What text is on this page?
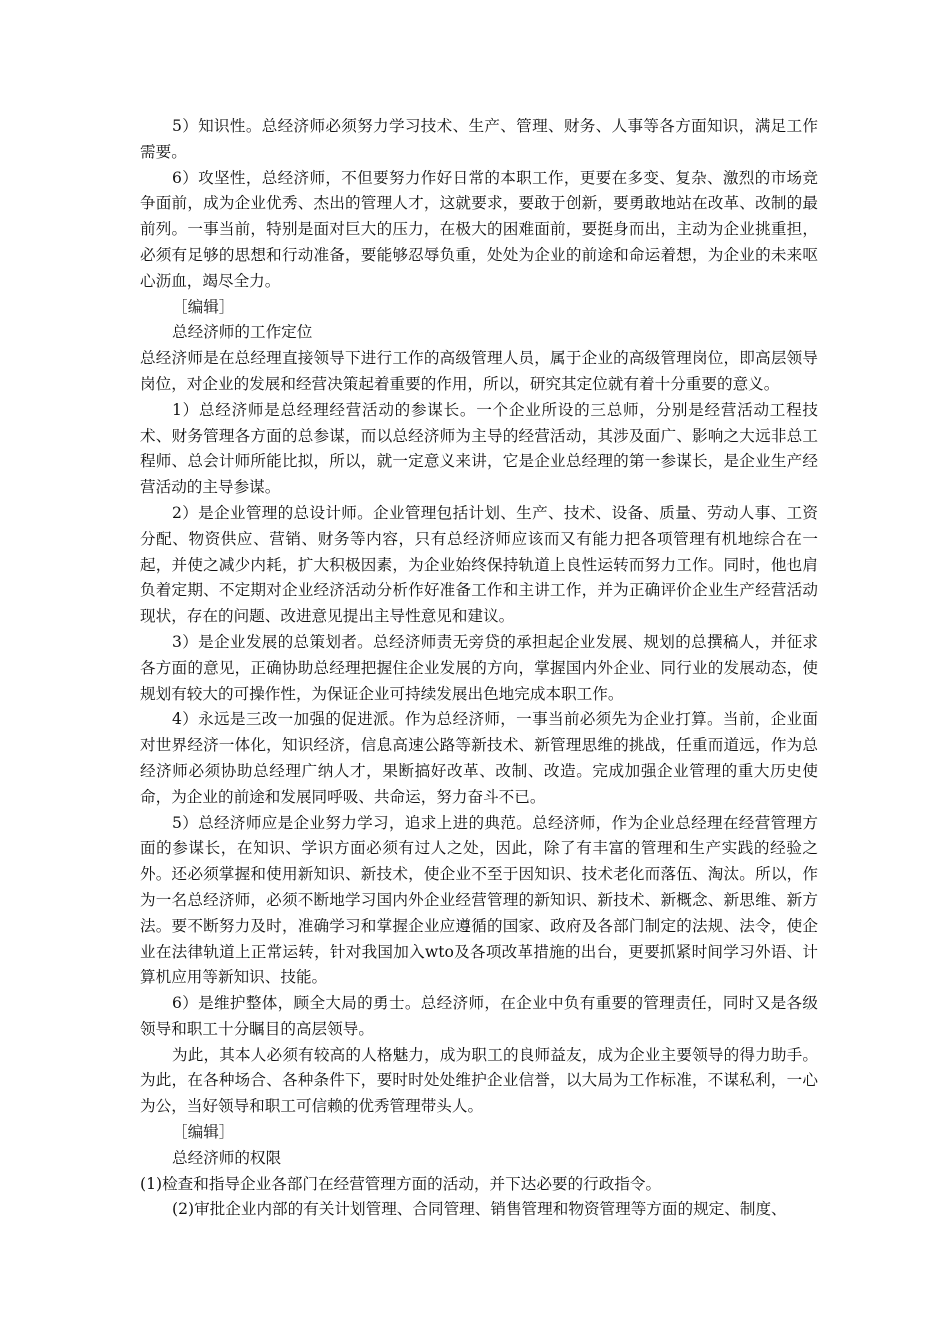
5）知识性。总经济师必须努力学习技术、生产、管理、财务、人事等各方面知识，满足工作需要。

6）攻坚性，总经济师，不但要努力作好日常的本职工作，更要在多变、复杂、激烈的市场竞争面前，成为企业优秀、杰出的管理人才，这就要求，要敢于创新，要勇敢地站在改革、改制的最前列。一事当前，特别是面对巨大的压力，在极大的困难面前，要挺身而出，主动为企业挑重担，必须有足够的思想和行动准备，要能够忍辱负重，处处为企业的前途和命运着想，为企业的未来呕心沥血，竭尽全力。

［编辑］

总经济师的工作定位

总经济师是在总经理直接领导下进行工作的高级管理人员，属于企业的高级管理岗位，即高层领导岗位，对企业的发展和经营决策起着重要的作用，所以，研究其定位就有着十分重要的意义。

1）总经济师是总经理经营活动的参谋长。一个企业所设的三总师，分别是经营活动工程技术、财务管理各方面的总参谋，而以总经济师为主导的经营活动，其涉及面广、影响之大远非总工程师、总会计师所能比拟，所以，就一定意义来讲，它是企业总经理的第一参谋长，是企业生产经营活动的主导参谋。

2）是企业管理的总设计师。企业管理包括计划、生产、技术、设备、质量、劳动人事、工资分配、物资供应、营销、财务等内容，只有总经济师应该而又有能力把各项管理有机地综合在一起，并使之减少内耗，扩大积极因素，为企业始终保持轨道上良性运转而努力工作。同时，他也肩负着定期、不定期对企业经济活动分析作好准备工作和主讲工作，并为正确评价企业生产经营活动现状，存在的问题、改进意见提出主导性意见和建议。

3）是企业发展的总策划者。总经济师责无旁贷的承担起企业发展、规划的总撰稿人，并征求各方面的意见，正确协助总经理把握住企业发展的方向，掌握国内外企业、同行业的发展动态，使规划有较大的可操作性，为保证企业可持续发展出色地完成本职工作。

4）永远是三改一加强的促进派。作为总经济师，一事当前必须先为企业打算。当前，企业面对世界经济一体化，知识经济，信息高速公路等新技术、新管理思维的挑战，任重而道远，作为总经济师必须协助总经理广纳人才，果断搞好改革、改制、改造。完成加强企业管理的重大历史使命，为企业的前途和发展同呼吸、共命运，努力奋斗不已。

5）总经济师应是企业努力学习，追求上进的典范。总经济师，作为企业总经理在经营管理方面的参谋长，在知识、学识方面必须有过人之处，因此，除了有丰富的管理和生产实践的经验之外。还必须掌握和使用新知识、新技术，使企业不至于因知识、技术老化而落伍、淘汰。所以，作为一名总经济师，必须不断地学习国内外企业经营管理的新知识、新技术、新概念、新思维、新方法。要不断努力及时，准确学习和掌握企业应遵循的国家、政府及各部门制定的法规、法令，使企业在法律轨道上正常运转，针对我国加入wto及各项改革措施的出台，更要抓紧时间学习外语、计算机应用等新知识、技能。

6）是维护整体，顾全大局的勇士。总经济师，在企业中负有重要的管理责任，同时又是各级领导和职工十分瞩目的高层领导。

为此，其本人必须有较高的人格魅力，成为职工的良师益友，成为企业主要领导的得力助手。为此，在各种场合、各种条件下，要时时处处维护企业信誉，以大局为工作标准，不谋私利，一心为公，当好领导和职工可信赖的优秀管理带头人。

［编辑］

总经济师的权限

(1)检查和指导企业各部门在经营管理方面的活动，并下达必要的行政指令。

(2)审批企业内部的有关计划管理、合同管理、销售管理和物资管理等方面的规定、制度、
